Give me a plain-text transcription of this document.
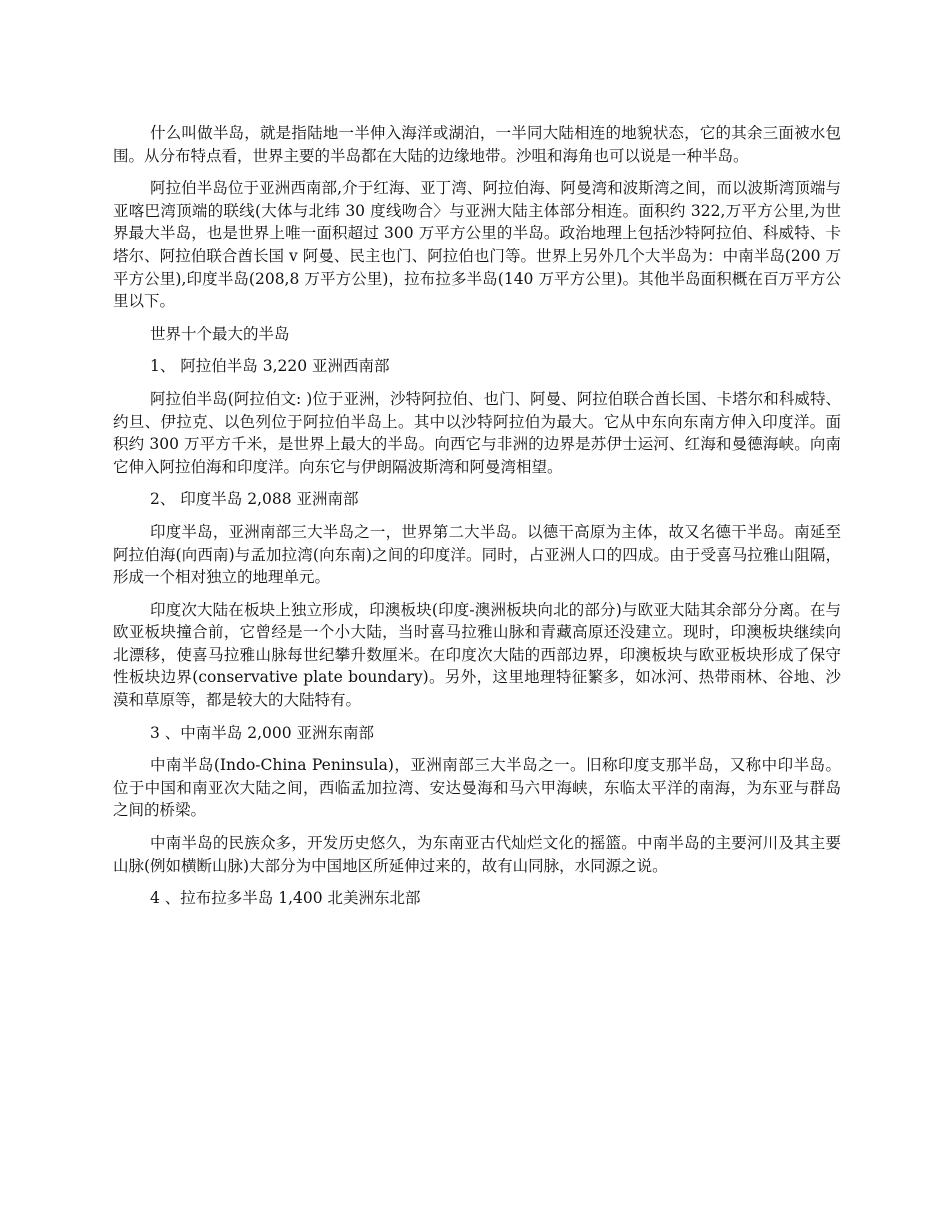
什么叫做半岛，就是指陆地一半伸入海洋或湖泊，一半同大陆相连的地貌状态，它的其余三面被水包围。从分布特点看，世界主要的半岛都在大陆的边缘地带。沙咀和海角也可以说是一种半岛。

阿拉伯半岛位于亚洲西南部,介于红海、亚丁湾、阿拉伯海、阿曼湾和波斯湾之间，而以波斯湾顶端与亚喀巴湾顶端的联线(大体与北纬 30 度线吻合〉与亚洲大陆主体部分相连。面积约 322,万平方公里,为世界最大半岛，也是世界上唯一面积超过 300 万平方公里的半岛。政治地理上包括沙特阿拉伯、科威特、卡塔尔、阿拉伯联合酋长国 v 阿曼、民主也门、阿拉伯也门等。世界上另外几个大半岛为：中南半岛(200 万平方公里),印度半岛(208,8 万平方公里)，拉布拉多半岛(140 万平方公里)。其他半岛面积概在百万平方公里以下。

世界十个最大的半岛

1、 阿拉伯半岛 3,220 亚洲西南部

阿拉伯半岛(阿拉伯文: )位于亚洲，沙特阿拉伯、也门、阿曼、阿拉伯联合酋长国、卡塔尔和科威特、约旦、伊拉克、以色列位于阿拉伯半岛上。其中以沙特阿拉伯为最大。它从中东向东南方伸入印度洋。面积约 300 万平方千米，是世界上最大的半岛。向西它与非洲的边界是苏伊士运河、红海和曼德海峡。向南它伸入阿拉伯海和印度洋。向东它与伊朗隔波斯湾和阿曼湾相望。

2、 印度半岛 2,088 亚洲南部

印度半岛，亚洲南部三大半岛之一，世界第二大半岛。以德干高原为主体，故又名德干半岛。南延至阿拉伯海(向西南)与孟加拉湾(向东南)之间的印度洋。同时，占亚洲人口的四成。由于受喜马拉雅山阻隔，形成一个相对独立的地理单元。

印度次大陆在板块上独立形成，印澳板块(印度-澳洲板块向北的部分)与欧亚大陆其余部分分离。在与欧亚板块撞合前，它曾经是一个小大陆，当时喜马拉雅山脉和青藏高原还没建立。现时，印澳板块继续向北漂移，使喜马拉雅山脉每世纪攀升数厘米。在印度次大陆的西部边界，印澳板块与欧亚板块形成了保守性板块边界(conservative plate boundary)。另外，这里地理特征繁多，如冰河、热带雨林、谷地、沙漠和草原等，都是较大的大陆特有。

3 、中南半岛 2,000 亚洲东南部

中南半岛(Indo-China Peninsula)，亚洲南部三大半岛之一。旧称印度支那半岛，又称中印半岛。位于中国和南亚次大陆之间，西临孟加拉湾、安达曼海和马六甲海峡，东临太平洋的南海，为东亚与群岛之间的桥梁。

中南半岛的民族众多，开发历史悠久，为东南亚古代灿烂文化的摇篮。中南半岛的主要河川及其主要山脉(例如横断山脉)大部分为中国地区所延伸过来的，故有山同脉，水同源之说。

4 、拉布拉多半岛 1,400 北美洲东北部
